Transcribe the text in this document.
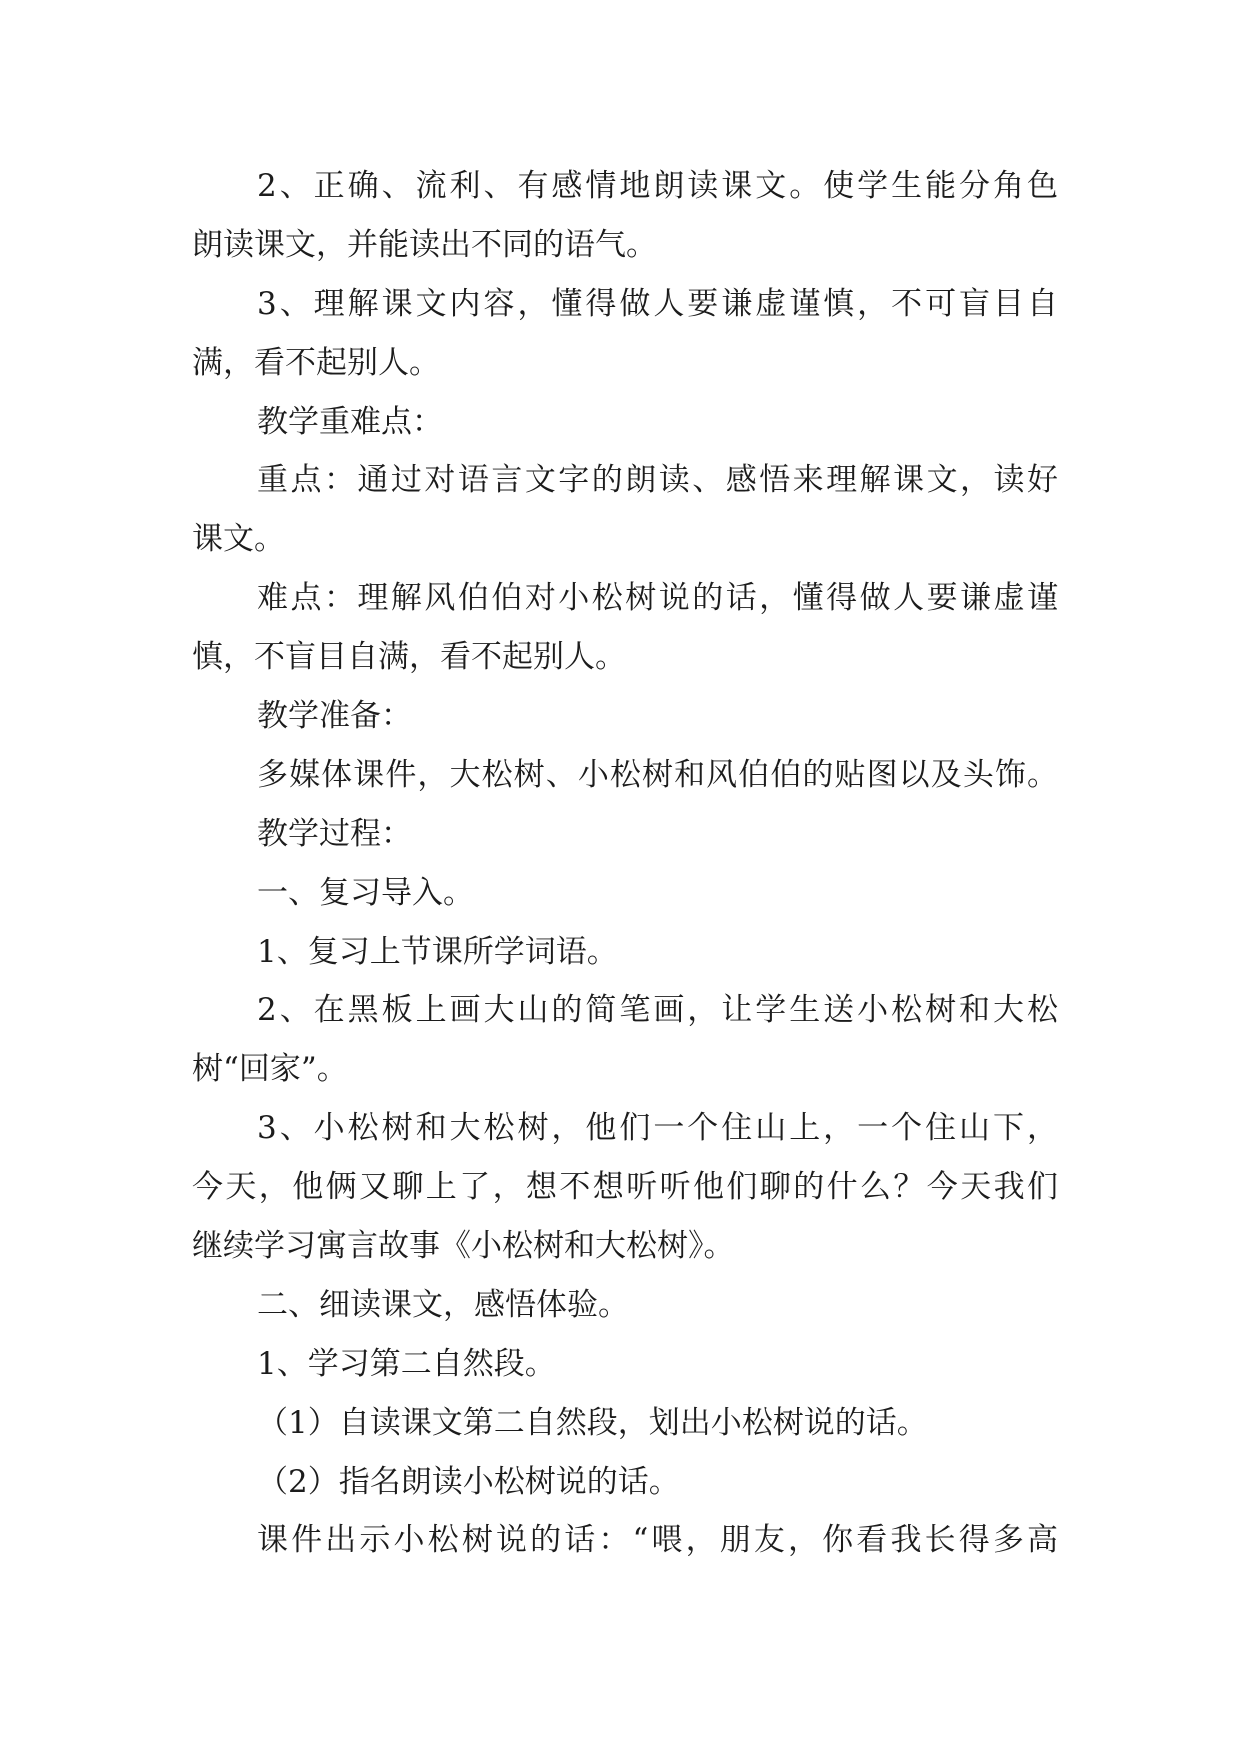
2、正确、流利、有感情地朗读课文。使学生能分角色
朗读课文，并能读出不同的语气。
3、理解课文内容，懂得做人要谦虚谨慎，不可盲目自
满，看不起别人。
教学重难点：
重点：通过对语言文字的朗读、感悟来理解课文，读好
课文。
难点：理解风伯伯对小松树说的话，懂得做人要谦虚谨
慎，不盲目自满，看不起别人。
教学准备：
多媒体课件，大松树、小松树和风伯伯的贴图以及头饰。
教学过程：
一、复习导入。
1、复习上节课所学词语。
2、在黑板上画大山的简笔画，让学生送小松树和大松
树“回家”。
3、小松树和大松树，他们一个住山上，一个住山下，
今天，他俩又聊上了，想不想听听他们聊的什么？今天我们
继续学习寓言故事《小松树和大松树》。
二、细读课文，感悟体验。
1、学习第二自然段。
（1）自读课文第二自然段，划出小松树说的话。
（2）指名朗读小松树说的话。
课件出示小松树说的话：“喂，朋友，你看我长得多高
